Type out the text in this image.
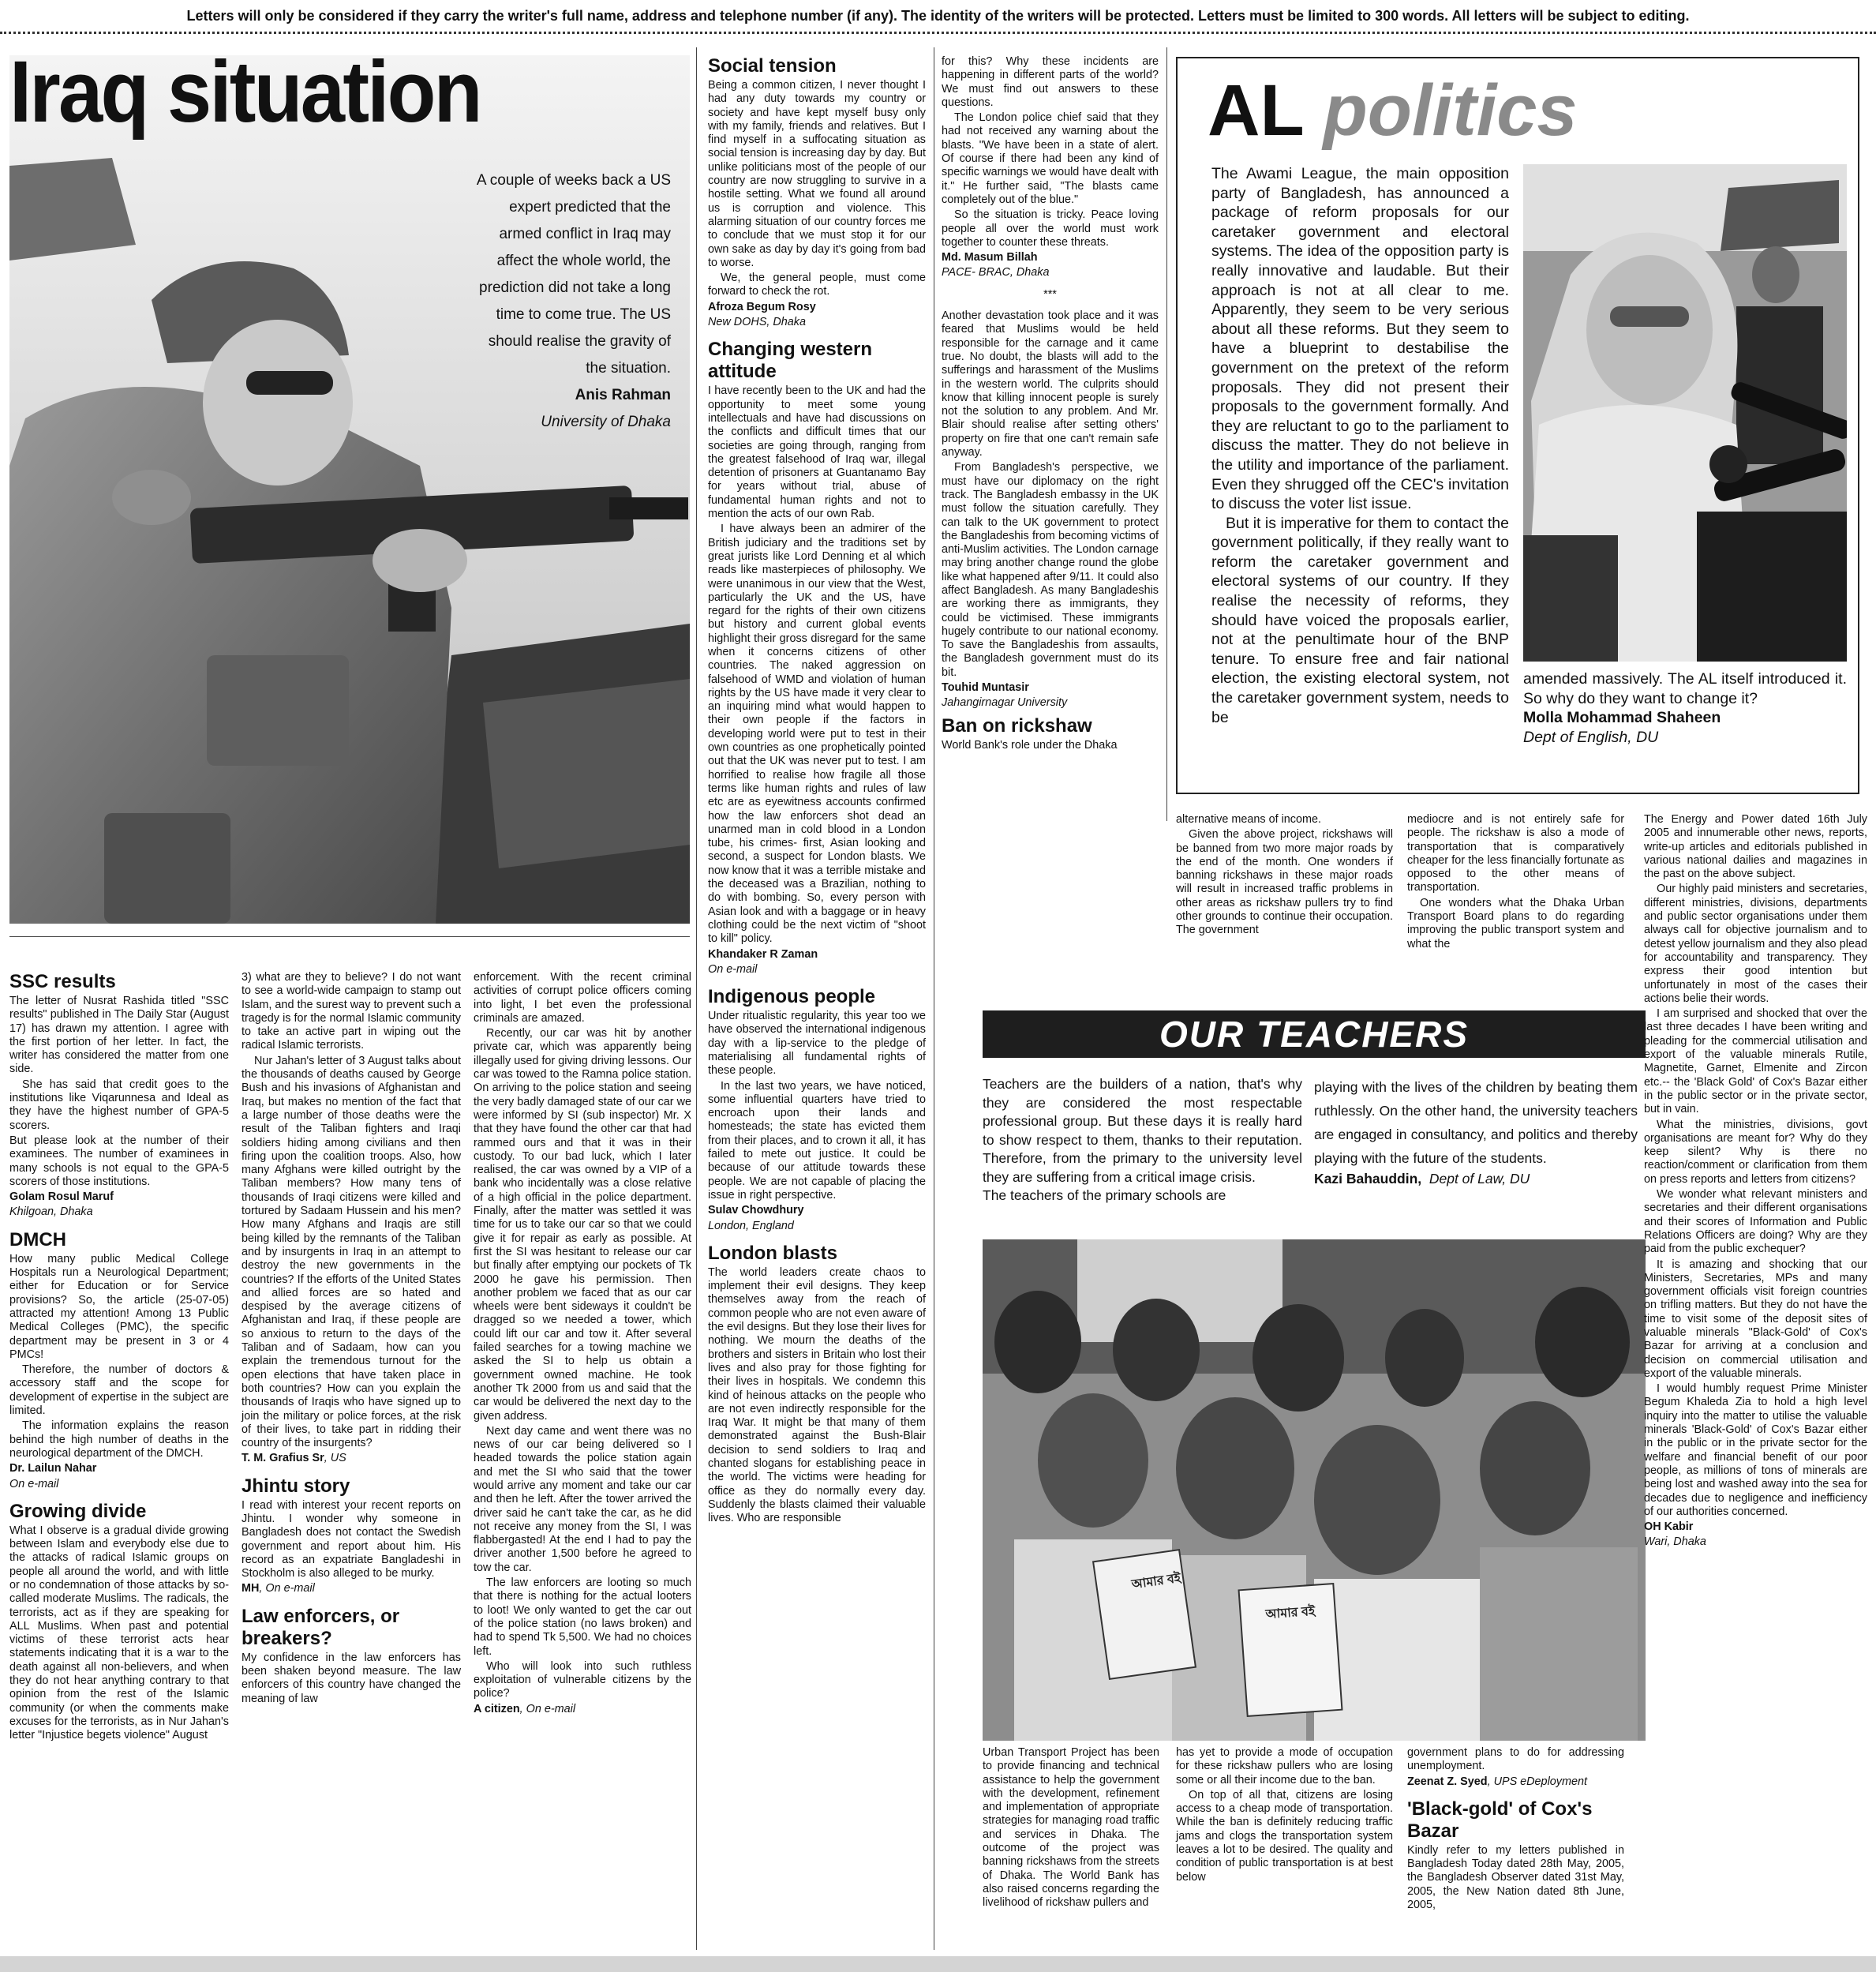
Letters will only be considered if they carry the writer's full name, address and telephone number (if any). The identity of the writers will be protected. Letters must be limited to 300 words. All letters will be subject to editing.
Iraq situation
A couple of weeks back a US expert predicted that the armed conflict in Iraq may affect the whole world, the prediction did not take a long time to come true. The US should realise the gravity of the situation.
Anis Rahman
University of Dhaka
Social tension

Being a common citizen, I never thought I had any duty towards my country or society and have kept myself busy only with my family, friends and relatives. But I find myself in a suffocating situation as social tension is increasing day by day. But unlike politicians most of the people of our country are now struggling to survive in a hostile setting. What we found all around us is corruption and violence. This alarming situation of our country forces me to conclude that we must stop it for our own sake as day by day it's going from bad to worse.

We, the general people, must come forward to check the rot.

Afroza Begum Rosy

New DOHS, Dhaka

Changing western attitude

I have recently been to the UK and had the opportunity to meet some young intellectuals and have had discussions on the conflicts and difficult times that our societies are going through, ranging from the greatest falsehood of Iraq war, illegal detention of prisoners at Guantanamo Bay for years without trial, abuse of fundamental human rights and not to mention the acts of our own Rab.

I have always been an admirer of the British judiciary and the traditions set by great jurists like Lord Denning et al which reads like masterpieces of philosophy. We were unanimous in our view that the West, particularly the UK and the US, have regard for the rights of their own citizens but history and current global events highlight their gross disregard for the same when it concerns citizens of other countries. The naked aggression on falsehood of WMD and violation of human rights by the US have made it very clear to an inquiring mind what would happen to their own people if the factors in developing world were put to test in their own countries as one prophetically pointed out that the UK was never put to test. I am horrified to realise how fragile all those terms like human rights and rules of law etc are as eyewitness accounts confirmed how the law enforcers shot dead an unarmed man in cold blood in a London tube, his crimes- first, Asian looking and second, a suspect for London blasts. We now know that it was a terrible mistake and the deceased was a Brazilian, nothing to do with bombing. So, every person with Asian look and with a baggage or in heavy clothing could be the next victim of "shoot to kill" policy.

Khandaker R Zaman

On e-mail

Indigenous people

Under ritualistic regularity, this year too we have observed the international indigenous day with a lip-service to the pledge of materialising all fundamental rights of these people.

In the last two years, we have noticed, some influential quarters have tried to encroach upon their lands and homesteads; the state has evicted them from their places, and to crown it all, it has failed to mete out justice. It could be because of our attitude towards these people. We are not capable of placing the issue in right perspective.

Sulav Chowdhury

London, England

London blasts

The world leaders create chaos to implement their evil designs. They keep themselves away from the reach of common people who are not even aware of the evil designs. But they lose their lives for nothing. We mourn the deaths of the brothers and sisters in Britain who lost their lives and also pray for those fighting for their lives in hospitals. We condemn this kind of heinous attacks on the people who are not even indirectly responsible for the Iraq War. It might be that many of them demonstrated against the Bush-Blair decision to send soldiers to Iraq and chanted slogans for establishing peace in the world. The victims were heading for office as they do normally every day. Suddenly the blasts claimed their valuable lives. Who are responsible

for this? Why these incidents are happening in different parts of the world? We must find out answers to these questions.

The London police chief said that they had not received any warning about the blasts. "We have been in a state of alert. Of course if there had been any kind of specific warnings we would have dealt with it." He further said, "The blasts came completely out of the blue."

So the situation is tricky. Peace loving people all over the world must work together to counter these threats.

Md. Masum Billah

PACE- BRAC, Dhaka

***

Another devastation took place and it was feared that Muslims would be held responsible for the carnage and it came true. No doubt, the blasts will add to the sufferings and harassment of the Muslims in the western world. The culprits should know that killing innocent people is surely not the solution to any problem. And Mr. Blair should realise after setting others' property on fire that one can't remain safe anyway.

From Bangladesh's perspective, we must have our diplomacy on the right track. The Bangladesh embassy in the UK must follow the situation carefully. They can talk to the UK government to protect the Bangladeshis from becoming victims of anti-Muslim activities. The London carnage may bring another change round the globe like what happened after 9/11. It could also affect Bangladesh. As many Bangladeshis are working there as immigrants, they could be victimised. These immigrants hugely contribute to our national economy. To save the Bangladeshis from assaults, the Bangladesh government must do its bit.

Touhid Muntasir

Jahangirnagar University

Ban on rickshaw

World Bank's role under the Dhaka

AL politics

The Awami League, the main opposition party of Bangladesh, has announced a package of reform proposals for our caretaker government and electoral systems. The idea of the opposition party is really innovative and laudable. But their approach is not at all clear to me. Apparently, they seem to be very serious about all these reforms. But they seem to have a blueprint to destabilise the government on the pretext of the reform proposals. They did not present their proposals to the government formally. And they are reluctant to go to the parliament to discuss the matter. They do not believe in the utility and importance of the parliament. Even they shrugged off the CEC's invitation to discuss the voter list issue.

But it is imperative for them to contact the government politically, if they really want to reform the caretaker government and electoral systems of our country. If they realise the necessity of reforms, they should have voiced the proposals earlier, not at the penultimate hour of the BNP tenure. To ensure free and fair national election, the existing electoral system, not the caretaker government system, needs to be

amended massively. The AL itself introduced it. So why do they want to change it?

Molla Mohammad Shaheen

Dept of English, DU

alternative means of income.

Given the above project, rickshaws will be banned from two more major roads by the end of the month. One wonders if banning rickshaws in these major roads will result in increased traffic problems in other areas as rickshaw pullers try to find other grounds to continue their occupation. The government

mediocre and is not entirely safe for people. The rickshaw is also a mode of transportation that is comparatively cheaper for the less financially fortunate as opposed to the other means of transportation.

One wonders what the Dhaka Urban Transport Board plans to do regarding improving the public transport system and what the

OUR TEACHERS

Teachers are the builders of a nation, that's why they are considered the most respectable professional group. But these days it is really hard to show respect to them, thanks to their reputation. Therefore, from the primary to the university level they are suffering from a critical image crisis.

The teachers of the primary schools are

playing with the lives of the children by beating them ruthlessly. On the other hand, the university teachers are engaged in consultancy, and politics and thereby playing with the future of the students.

Kazi Bahauddin, Dept of Law, DU

আমার বই
আমার বই

Urban Transport Project has been to provide financing and technical assistance to help the government with the development, refinement and implementation of appropriate strategies for managing road traffic and services in Dhaka. The outcome of the project was banning rickshaws from the streets of Dhaka. The World Bank has also raised concerns regarding the livelihood of rickshaw pullers and

has yet to provide a mode of occupation for these rickshaw pullers who are losing some or all their income due to the ban.

On top of all that, citizens are losing access to a cheap mode of transportation. While the ban is definitely reducing traffic jams and clogs the transportation system leaves a lot to be desired. The quality and condition of public transportation is at best below

government plans to do for addressing unemployment.

Zeenat Z. Syed, UPS eDeployment

'Black-gold' of Cox's Bazar

Kindly refer to my letters published in Bangladesh Today dated 28th May, 2005, the Bangladesh Observer dated 31st May, 2005, the New Nation dated 8th June, 2005,

The Energy and Power dated 16th July 2005 and innumerable other news, reports, write-up articles and editorials published in various national dailies and magazines in the past on the above subject.

Our highly paid ministers and secretaries, different ministries, divisions, departments and public sector organisations under them always call for objective journalism and to detest yellow journalism and they also plead for accountability and transparency. They express their good intention but unfortunately in most of the cases their actions belie their words.

I am surprised and shocked that over the last three decades I have been writing and pleading for the commercial utilisation and export of the valuable minerals Rutile, Magnetite, Garnet, Elmenite and Zircon etc.-- the 'Black Gold' of Cox's Bazar either in the public sector or in the private sector, but in vain.

What the ministries, divisions, govt organisations are meant for? Why do they keep silent? Why is there no reaction/comment or clarification from them on press reports and letters from citizens?

We wonder what relevant ministers and secretaries and their different organisations and their scores of Information and Public Relations Officers are doing? Why are they paid from the public exchequer?

It is amazing and shocking that our Ministers, Secretaries, MPs and many government officials visit foreign countries on trifling matters. But they do not have the time to visit some of the deposit sites of valuable minerals "Black-Gold' of Cox's Bazar for arriving at a conclusion and decision on commercial utilisation and export of the valuable minerals.

I would humbly request Prime Minister Begum Khaleda Zia to hold a high level inquiry into the matter to utilise the valuable minerals 'Black-Gold' of Cox's Bazar either in the public or in the private sector for the welfare and financial benefit of our poor people, as millions of tons of minerals are being lost and washed away into the sea for decades due to negligence and inefficiency of our authorities concerned.

OH Kabir

Wari, Dhaka

SSC results

The letter of Nusrat Rashida titled "SSC results" published in The Daily Star (August 17) has drawn my attention. I agree with the first portion of her letter. In fact, the writer has considered the matter from one side.

She has said that credit goes to the institutions like Viqarunnesa and Ideal as they have the highest number of GPA-5 scorers.

But please look at the number of their examinees. The number of examinees in many schools is not equal to the GPA-5 scorers of those institutions.

Golam Rosul Maruf

Khilgoan, Dhaka

DMCH

How many public Medical College Hospitals run a Neurological Department; either for Education or for Service provisions? So, the article (25-07-05) attracted my attention! Among 13 Public Medical Colleges (PMC), the specific department may be present in 3 or 4 PMCs!

Therefore, the number of doctors & accessory staff and the scope for development of expertise in the subject are limited.

The information explains the reason behind the high number of deaths in the neurological department of the DMCH.

Dr. Lailun Nahar

On e-mail

Growing divide

What I observe is a gradual divide growing between Islam and everybody else due to the attacks of radical Islamic groups on people all around the world, and with little or no condemnation of those attacks by so-called moderate Muslims. The radicals, the terrorists, act as if they are speaking for ALL Muslims. When past and potential victims of these terrorist acts hear statements indicating that it is a war to the death against all non-believers, and when they do not hear anything contrary to that opinion from the rest of the Islamic community (or when the comments make excuses for the terrorists, as in Nur Jahan's letter "Injustice begets violence" August

3) what are they to believe? I do not want to see a world-wide campaign to stamp out Islam, and the surest way to prevent such a tragedy is for the normal Islamic community to take an active part in wiping out the radical Islamic terrorists.

Nur Jahan's letter of 3 August talks about the thousands of deaths caused by George Bush and his invasions of Afghanistan and Iraq, but makes no mention of the fact that a large number of those deaths were the result of the Taliban fighters and Iraqi soldiers hiding among civilians and then firing upon the coalition troops. Also, how many Afghans were killed outright by the Taliban members? How many tens of thousands of Iraqi citizens were killed and tortured by Sadaam Hussein and his men? How many Afghans and Iraqis are still being killed by the remnants of the Taliban and by insurgents in Iraq in an attempt to destroy the new governments in the countries? If the efforts of the United States and allied forces are so hated and despised by the average citizens of Afghanistan and Iraq, if these people are so anxious to return to the days of the Taliban and of Sadaam, how can you explain the tremendous turnout for the open elections that have taken place in both countries? How can you explain the thousands of Iraqis who have signed up to join the military or police forces, at the risk of their lives, to take part in ridding their country of the insurgents?

T. M. Grafius Sr, US

Jhintu story

I read with interest your recent reports on Jhintu. I wonder why someone in Bangladesh does not contact the Swedish government and report about him. His record as an expatriate Bangladeshi in Stockholm is also alleged to be murky.

MH, On e-mail

Law enforcers, or breakers?

My confidence in the law enforcers has been shaken beyond measure. The law enforcers of this country have changed the meaning of law

enforcement. With the recent criminal activities of corrupt police officers coming into light, I bet even the professional criminals are amazed.

Recently, our car was hit by another private car, which was apparently being illegally used for giving driving lessons. Our car was towed to the Ramna police station. On arriving to the police station and seeing the very badly damaged state of our car we were informed by SI (sub inspector) Mr. X that they have found the other car that had rammed ours and that it was in their custody. To our bad luck, which I later realised, the car was owned by a VIP of a bank who incidentally was a close relative of a high official in the police department. Finally, after the matter was settled it was time for us to take our car so that we could give it for repair as early as possible. At first the SI was hesitant to release our car but finally after emptying our pockets of Tk 2000 he gave his permission. Then another problem we faced that as our car wheels were bent sideways it couldn't be dragged so we needed a tower, which could lift our car and tow it. After several failed searches for a towing machine we asked the SI to help us obtain a government owned machine. He took another Tk 2000 from us and said that the car would be delivered the next day to the given address.

Next day came and went there was no news of our car being delivered so I headed towards the police station again and met the SI who said that the tower would arrive any moment and take our car and then he left. After the tower arrived the driver said he can't take the car, as he did not receive any money from the SI, I was flabbergasted! At the end I had to pay the driver another 1,500 before he agreed to tow the car.

The law enforcers are looting so much that there is nothing for the actual looters to loot! We only wanted to get the car out of the police station (no laws broken) and had to spend Tk 5,500. We had no choices left.

Who will look into such ruthless exploitation of vulnerable citizens by the police?

A citizen, On e-mail
